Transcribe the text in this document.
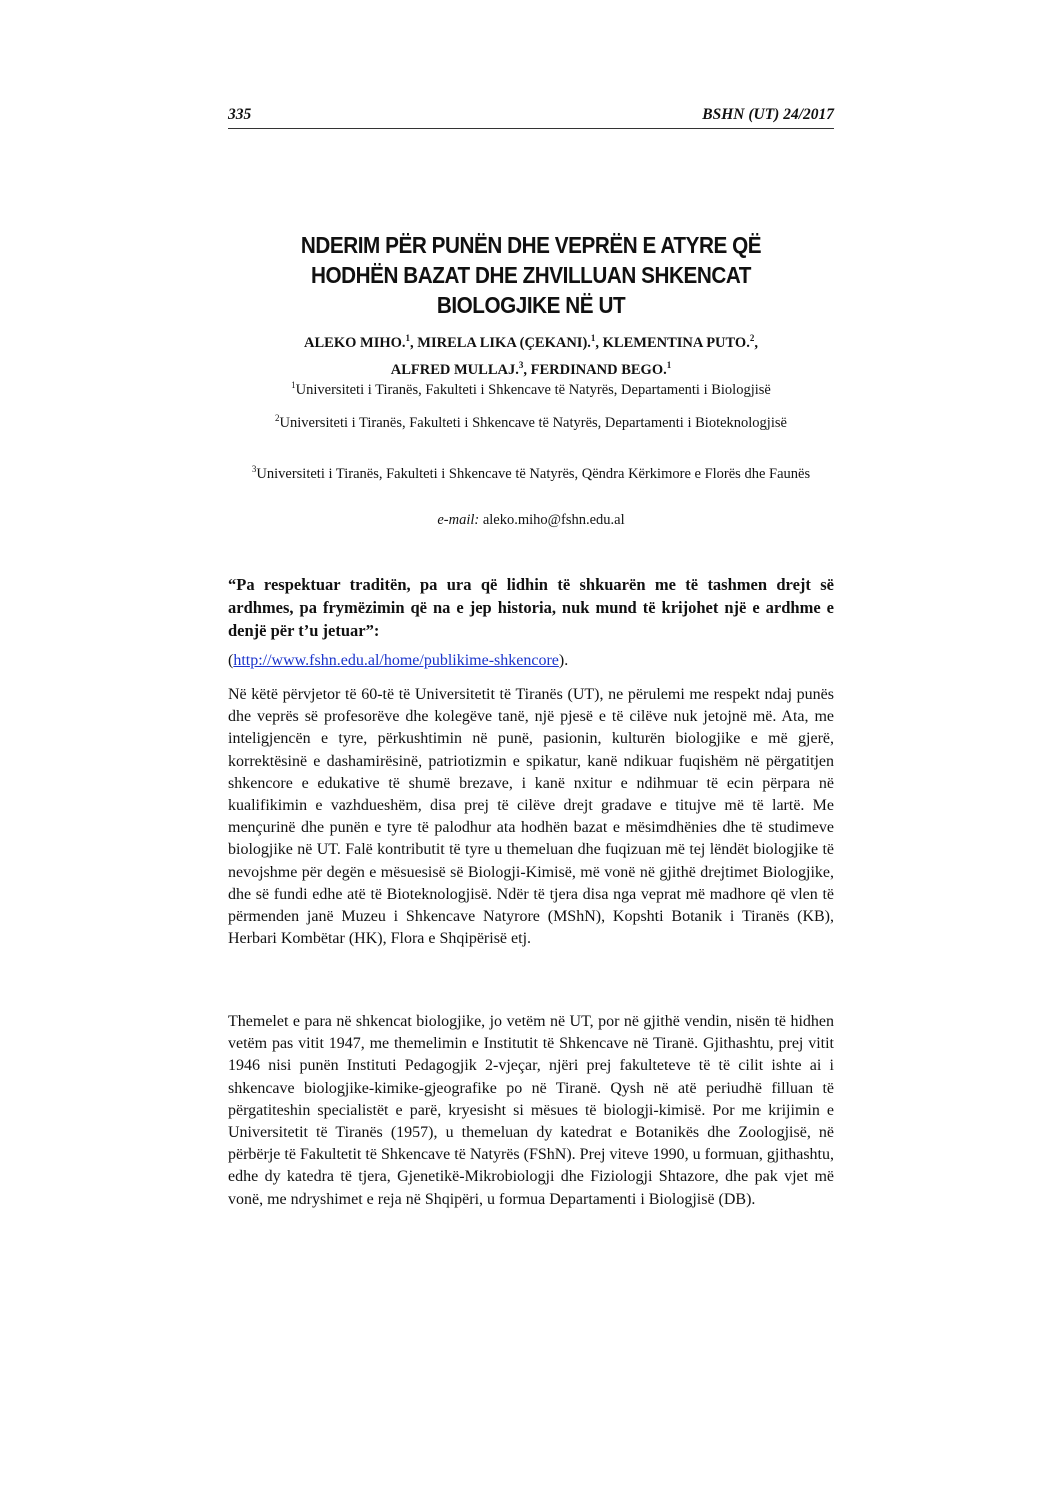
335	BSHN (UT) 24/2017
NDERIM PËR PUNËN DHE VEPRËN E ATYRE QË HODHËN BAZAT DHE ZHVILLUAN SHKENCAT BIOLOGJIKE NË UT
ALEKO MIHO.$^1$, MIRELA LIKA (ÇEKANI).$^1$, KLEMENTINA PUTO.$^2$,
ALFRED MULLAJ.$^3$, FERDINAND BEGO.$^1$
$^1$Universiteti i Tiranës, Fakulteti i Shkencave të Natyrës, Departamenti i Biologjisë
$^2$Universiteti i Tiranës, Fakulteti i Shkencave të Natyrës, Departamenti i Bioteknologjisë
$^3$Universiteti i Tiranës, Fakulteti i Shkencave të Natyrës, Qëndra Kërkimore e Florës dhe Faunës
e-mail: aleko.miho@fshn.edu.al
“Pa respektuar traditën, pa ura që lidhin të shkuarën me të tashmen drejt së ardhmes, pa frymëzimin që na e jep historia, nuk mund të krijohet një e ardhme e denjë për t’u jetuar”:
(http://www.fshn.edu.al/home/publikime-shkencore).

Në këtë përvjetor të 60-të të Universitetit të Tiranës (UT), ne përulemi me respekt ndaj punës dhe veprës së profesorëve dhe kolegëve tanë, një pjesë e të cilëve nuk jetojnë më. Ata, me inteligjencën e tyre, përkushtimin në punë, pasionin, kulturën biologjike e më gjerë, korrektësinë e dashamirësinë, patriotizmin e spikatur, kanë ndikuar fuqishëm në përgatitjen shkencore e edukative të shumë brezave, i kanë nxitur e ndihmuar të ecin përpara në kualifikimin e vazhdueshëm, disa prej të cilëve drejt gradave e titujve më të lartë. Me mençurinë dhe punën e tyre të palodhur ata hodhën bazat e mësimdhënies dhe të studimeve biologjike në UT. Falë kontributit të tyre u themeluan dhe fuqizuan më tej lëndët biologjike të nevojshme për degën e mësuesisë së Biologji-Kimisë, më vonë në gjithë drejtimet Biologjike, dhe së fundi edhe atë të Bioteknologjisë. Ndër të tjera disa nga veprat më madhore që vlen të përmenden janë Muzeu i Shkencave Natyrore (MShN), Kopshti Botanik i Tiranës (KB), Herbari Kombëtar (HK), Flora e Shqipërisë etj.

Themelet e para në shkencat biologjike, jo vetëm në UT, por në gjithë vendin, nisën të hidhen vetëm pas vitit 1947, me themelimin e Institutit të Shkencave në Tiranë. Gjithashtu, prej vitit 1946 nisi punën Instituti Pedagogjik 2-vjeçar, njëri prej fakulteteve të të cilit ishte ai i shkencave biologjike-kimike-gjeografike po në Tiranë. Qysh në atë periudhë filluan të përgatiteshin specialistët e parë, kryesisht si mësues të biologji-kimisë. Por me krijimin e Universitetit të Tiranës (1957), u themeluan dy katedrat e Botanikës dhe Zoologjisë, në përbërje të Fakultetit të Shkencave të Natyrës (FShN). Prej viteve 1990, u formuan, gjithashtu, edhe dy katedra të tjera, Gjenetikë-Mikrobiologji dhe Fiziologji Shtazore, dhe pak vjet më vonë, me ndryshimet e reja në Shqipëri, u formua Departamenti i Biologjisë (DB).
